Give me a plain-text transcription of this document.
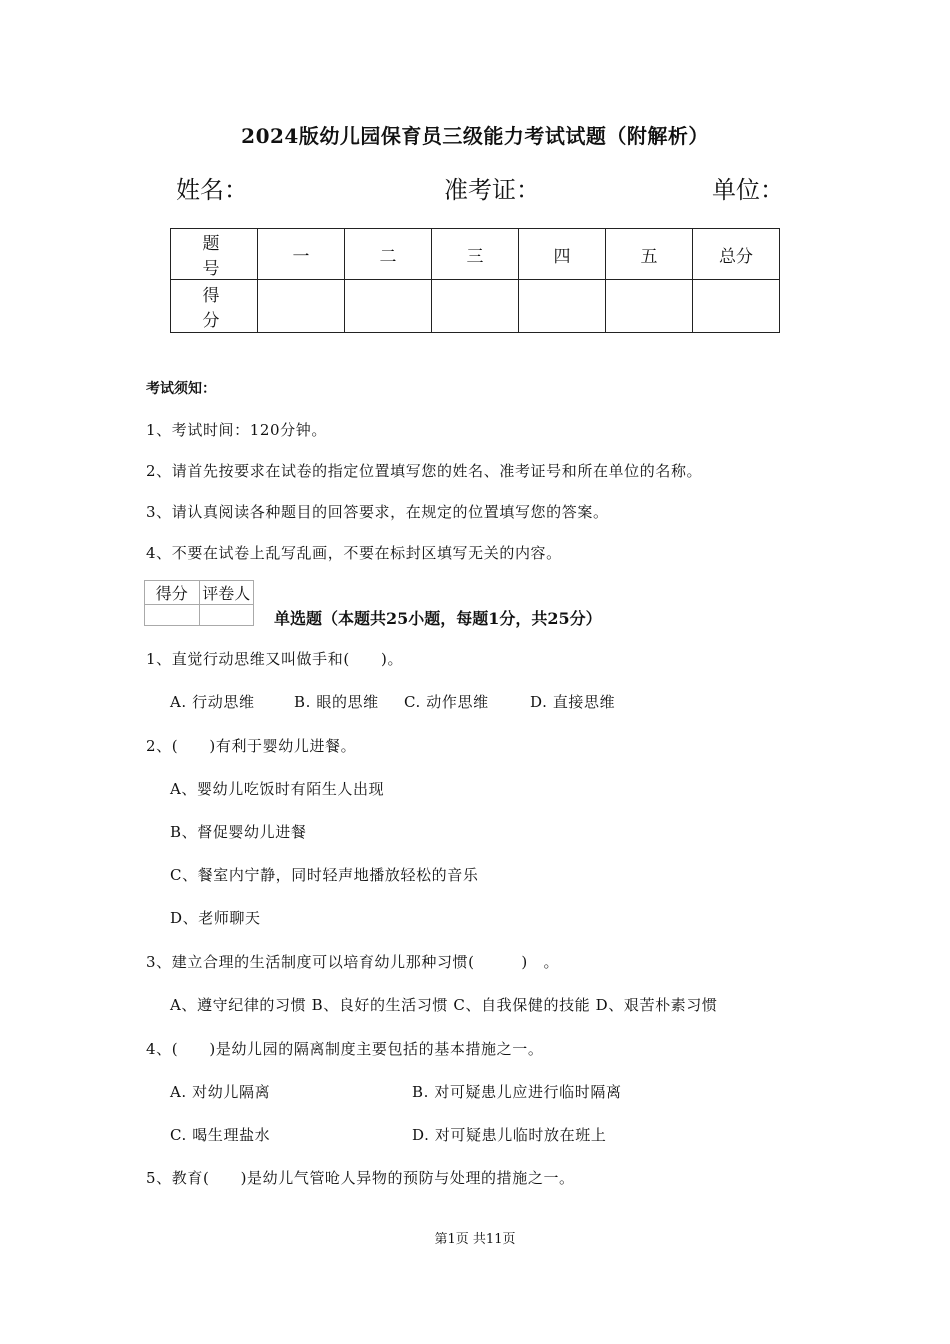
2024版幼儿园保育员三级能力考试试题（附解析）
姓名：	准考证：	单位：
题号	一	二	三	四	五	总分
得分						
考试须知：
1、考试时间：120分钟。
2、请首先按要求在试卷的指定位置填写您的姓名、准考证号和所在单位的名称。
3、请认真阅读各种题目的回答要求，在规定的位置填写您的答案。
4、不要在试卷上乱写乱画，不要在标封区填写无关的内容。
得分	评卷人

单选题（本题共25小题，每题1分，共25分）
1、直觉行动思维又叫做手和(　　)。
A. 行动思维	B. 眼的思维 C. 动作思维	D. 直接思维
2、(　　)有利于婴幼儿进餐。
A、婴幼儿吃饭时有陌生人出现
B、督促婴幼儿进餐
C、餐室内宁静，同时轻声地播放轻松的音乐
D、老师聊天
3、建立合理的生活制度可以培育幼儿那种习惯(　　　)　。
A、遵守纪律的习惯 B、良好的生活习惯 C、自我保健的技能 D、艰苦朴素习惯
4、(　　)是幼儿园的隔离制度主要包括的基本措施之一。
A. 对幼儿隔离	B. 对可疑患儿应进行临时隔离
C. 喝生理盐水	D. 对可疑患儿临时放在班上
5、教育(　　)是幼儿气管呛人异物的预防与处理的措施之一。
第1页 共11页
